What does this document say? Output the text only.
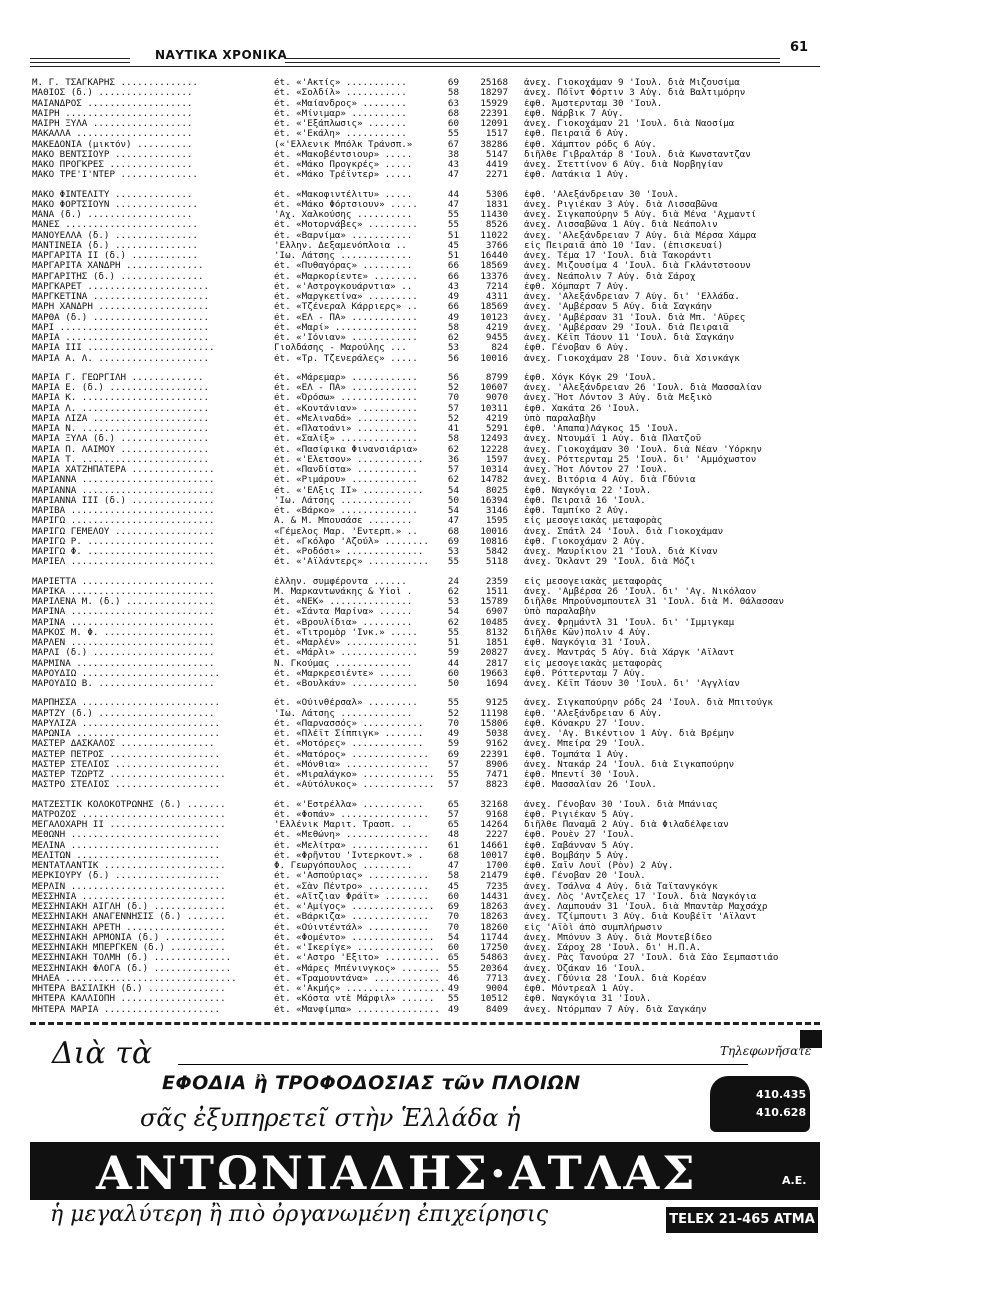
ΝΑΥΤΙΚΑ ΧΡΟΝΙΚΑ	61
Μ. Γ. ΤΣΑΓΚΑΡΗΣ ..............	ét. «'Ακτίς» ...........	69	25168 ἀνεχ. Γιοκοχάμαν 9 'Ιουλ. διὰ Μιζουσίμα
ΜΑΘΙΟΣ (δ.) .................	ét. «Σολδίλ» ...........	58	18297 ἀνεχ. Πόϊντ Φόρτιν 3 Αὐγ. διὰ Βαλτιμόρην
ΜΑΙΑΝΔΡΟΣ ...................	ét. «Μαίανδρος» ........	63	15929 ἐφθ. Ἀμστερνταμ 30 'Ιουλ.
ΜΑΙΡΗ .......................	ét. «Μίνιμαρ» ..........	68	22391 ἐφθ. Νάρβικ 7 Αὐγ.
ΜΑΙΡΗ ΞΥΛΑ ..................	ét. «'Εξάπλωσις» .......	60	12091 ἀνεχ. Γιοκοχάμαν 21 'Ιουλ. διὰ Ναοσίμα
ΜΑΚΑΛΛΑ .....................	ét. «'Εκάλη» ...........	55	1517 ἐφθ. Πειραιᾶ 6 Αὐγ.
ΜΑΚΕΔΟΝΙΑ (μικτόν) ..........	(«'Ελλενικ Μπόλκ Τράνσπ.»	67	38286 ἐφθ. Χάμπτον ρόδς 6 Αὐγ.
ΜΑΚΟ ΒΕΝΤΣΙΟΥΡ ..............	ét. «Μακοβέντσιουρ» .....	38	5147 διῆλθε Γιβραλτάρ 8 'Ιουλ. διὰ Κωνσταντζαν
ΜΑΚΟ ΠΡΟΓΚΡΕΣ ...............	ét. «Μάκο Προγκρές» .....	43	4419 ἀνεχ. Στεττίνον 6 Αὐγ. διὰ Νορβηγίαν
ΜΑΚΟ ΤΡΕ'Ι'ΝΤΕΡ ..............	ét. «Μάκο Τρέϊντερ» .....	47	2271 ἐφθ. Λατάκια 1 Αὐγ.
ΜΑΚΟ ΦΙΝΤΕΛΙΤΥ ..............	ét. «Μακοφιντέλιτυ» .....	44	5306 ἐφθ. 'Αλεξάνδρειαν 30 'Ιουλ.
ΜΑΚΟ ΦΟΡΤΣΙΟΥΝ ...............	ét. «Μάκο Φόρτσιουν» .....	47	1831 ἀνεχ. Ριγιέκαν 3 Αὐγ. διὰ Λισσαβῶνα
ΜΑΝΑ (δ.) ...................	'Αχ. Χαλκούσης ..........	55	11430 ἀνεχ. Σιγκαπούρην 5 Αὐγ. διὰ Μένα 'Αχμαντί
ΜΑΝΕΣ ........................	ét. «Μοτορνάβες» .........	55	8526 ἀνεχ. Λισσαβῶνα 1 Αὐγ. διὰ Νεάπολιν
ΜΑΝΟΥΕΛΛΑ (δ.) ...............	ét. «Βαρνίμα» ...........	51	11022 ἀνεχ. 'Αλεξάνδρειαν 7 Αὐγ. διὰ Μέρσα Χάμρα
ΜΑΝΤΙΝΕΙΑ (δ.) ...............	'Ελλην. Δεξαμενόπλοια ..	45	3766 εἰς Πειραιᾶ ἀπὸ 10 'Ιαν. (ἐπισκευαί)
ΜΑΡΓΑΡΙΤΑ ΙΙ (δ.) ............	'Ιω. Λάτσης .............	51	16440 ἀνεχ. Τέμα 17 'Ιουλ. διὰ Τακοράντι
ΜΑΡΓΑΡΙΤΑ ΧΑΝΔΡΗ ..............	ét. «Πυθαγόρας» .........	66	18569 ἀνεχ. Μιζουσίμα 4 'Ιουλ. διὰ Γκλάντστοουν
ΜΑΡΓΑΡΙΤΗΣ (δ.) ...............	ét. «Μαρκορίεντε» ........	66	13376 ἀνεχ. Νεάπολιν 7 Αὐγ. διὰ Σάροχ
ΜΑΡΓΚΑΡΕΤ ......................	ét. «'Αστρογκουάρντια» ..	43	7214 ἐφθ. Χόμπαρτ 7 Αὐγ.
ΜΑΡΓΚΕΤΙΝΑ .....................	ét. «Μαργκετίνα» .........	49	4311 ἀνεχ. 'Αλεξάνδρειαν 7 Αὐγ. δι' 'Ελλάδα.
ΜΑΡΗ ΧΑΝΔΡΗ ....................	ét. «Τζένεραλ Κάρριερς» ..	66	18569 ἀνεχ. 'Αμβέρσαν 5 Αὐγ. διὰ Σαγκάην
ΜΑΡΘΑ (δ.) .....................	ét. «ΕΛ - ΠΑ» ............	49	10123 ἀνεχ. 'Αμβέρσαν 31 'Ιουλ. διὰ Μπ. 'Αϋρες
ΜΑΡΙ ...........................	ét. «Μαρί» ...............	58	4219 ἀνεχ. 'Αμβέρσαν 29 'Ιουλ. διὰ Πειραιᾶ
ΜΑΡΙΑ ..........................	ét. «'Ιόνιαν» ............	62	9455 ἀνεχ. Κέϊπ Τάουν 11 'Ιουλ. διὰ Σαγκάην
ΜΑΡΙΑ ΙΙΙ .......................	Γιολδάσης - Μαρούλης ...	53	824 ἐφθ. Γένοβαν 6 Αὐγ.
ΜΑΡΙΑ Α. Λ. ....................	ét. «Τρ. Τζενεράλες» .....	56	10016 ἀνεχ. Γιοκοχάμαν 28 'Ιουν. διὰ Χσινκάγκ
ΜΑΡΙΑ Γ. ΓΕΩΡΓΙΛΗ .............	ét. «Μάρεμαρ» ............	56	8799 ἐφθ. Χόγκ Κόγκ 29 'Ιουλ.
ΜΑΡΙΑ Ε. (δ.) ..................	ét. «ΕΛ - ΠΑ» ............	52	10607 ἀνεχ. 'Αλεξάνδρειαν 26 'Ιουλ. διὰ Μασσαλίαν
ΜΑΡΙΑ Κ. .......................	ét. «Όρόσω» ..............	70	9070 ἀνεχ. Ἥοτ Λόντον 3 Αὐγ. διὰ Μεξικὸ
ΜΑΡΙΑ Λ. .......................	ét. «Κοντάνιαν» ..........	57	10311 ἐφθ. Χακάτα 26 'Ιουλ.
ΜΑΡΙΑ ΛΙΖΑ .....................	ét. «Μελιναδά» ...........	52	4219 ὑπὸ παραλαβὴν
ΜΑΡΙΑ Ν. .......................	ét. «Πλατοάνι» ...........	41	5291 ἐφθ. 'Απαπα)Λάγκος 15 'Ιουλ.
ΜΑΡΙΑ ΞΥΛΑ (δ.) ................	ét. «Σαλίξ» ..............	58	12493 ἀνεχ. Ντουμάϊ 1 Αὐγ. διὰ Πλατζοῦ
ΜΑΡΙΑ Π. ΛΑΙΜΟΥ ................	ét. «Πασίφικα Φινανσιάρια»	62	12228 ἀνεχ. Γιοκοχάμαν 30 'Ιουλ. διὰ Νέαν 'Υόρκην
ΜΑΡΙΑ Τ. .......................	ét. «'Ελετσον» ............	36	1597 ἀνεχ. Ρόττερνταμ 25 'Ιουλ. δι' 'Αμμόχωστον
ΜΑΡΙΑ ΧΑΤΖΗΠΑΤΕΡΑ ...............	ét. «Πανδίστα» ...........	57	10314 ἀνεχ. Ἥοτ Λόντον 27 'Ιουλ.
ΜΑΡΙΑΝΝΑ ........................	ét. «Ριμάρου» ............	62	14782 ἀνεχ. Βιτόρια 4 Αὐγ. διὰ Γδύνια
ΜΑΡΙΑΝΝΑ ........................	ét. «'ΕΛξις ΙΙ» ...........	54	8025 ἐφθ. Ναγκόγια 22 'Ιουλ.
ΜΑΡΙΑΝΝΑ ΙΙΙ (δ.) ...............	'Ιω. Λάτσης .............	50	16394 ἐφθ. Πειραιᾶ 16 'Ιουλ.
ΜΑΡΙΒΑ ..........................	ét. «Βάρκο» ..............	54	3146 ἐφθ. Ταμπίκο 2 Αὐγ.
ΜΑΡΙΓΩ ..........................	Α. & Μ. Μπουσάσε ........	47	1595 εἰς μεσογειακὰς μεταφορὰς
ΜΑΡΙΓΩ ΓΕΜΕΛΟΥ ..................	«Γέμελος Μαρ. 'Εντερπ.» ..	68	10016 ἀνεχ. Σπάτλ 24 'Ιουλ. διὰ Γιοκοχάμαν
ΜΑΡΙΓΩ Ρ. .......................	ét. «Γκόλφο 'Αζούλ» ........	69	10816 ἐφθ. Γιοκοχάμαν 2 Αὐγ.
ΜΑΡΙΓΩ Φ. .......................	ét. «Ροδόσι» ..............	53	5842 ἀνεχ. Μαυρίκιον 21 'Ιουλ. διὰ Κίναν
ΜΑΡΙΕΛ ..........................	ét. «'Αϊλάντερς» ...........	55	5118 ἀνεχ. Ὄκλαντ 29 'Ιουλ. διὰ Μόζι
ΜΑΡΙΕΤΤΑ ........................	ἑλλην. συμφέροντα ......	24	2359 εἰς μεσογειακὰς μεταφορὰς
ΜΑΡΙΚΑ ..........................	Μ. Μαρκαντωνάκης & Υἱοὶ .	62	1511 ἀνεχ. 'Αμβέρσα 26 'Ιουλ. δι' 'Αγ. Νικόλαον
ΜΑΡΙΛΕΝΑ Μ. (δ.) ................	ét. «ΝΕΚ» ...............	53	15789 διῆλθε Μπρούνσμπουτελ 31 'Ιουλ. διὰ Μ. Θάλασσαν
ΜΑΡΙΝΑ ..........................	ét. «Σάντα Μαρίνα» ......	54	6907 ὑπὸ παραλαβὴν
ΜΑΡΙΝΑ ..........................	ét. «Βρουλίδια» .........	62	10485 ἀνεχ. Φρημάντλ 31 'Ιουλ. δι' 'Ιμμιγκαμ
ΜΑΡΚΟΣ Μ. Φ. ....................	ét. «Τιτρομὸρ 'Ινκ.» .....	55	8132 διῆλθε Κῶν)πολιν 4 Αὐγ.
ΜΑΡΛΕΝ ..........................	ét. «Μαρλέν» .............	51	1851 ἐφθ. Ναγκόγια 31 'Ιουλ.
ΜΑΡΛΙ (δ.) ......................	ét. «Μάρλι» ..............	59	20827 ἀνεχ. Μαντράς 5 Αὐγ. διὰ Χάργκ 'Αϊλαντ
ΜΑΡΜΙΝΑ .........................	Ν. Γκούμας ..............	44	2817 εἰς μεσογειακὰς μεταφορὰς
ΜΑΡΟΥΔΙΩ .........................	ét. «Μαρκρεσιέντε» ......	60	19663 ἐφθ. Ρόττερνταμ 7 Αὐγ.
ΜΑΡΟΥΔΙΩ Β. .....................	ét. «Βουλκάν» ............	50	1694 ἀνεχ. Κέϊπ Τάουν 30 'Ιουλ. δι' 'Αγγλίαν
ΜΑΡΠΗΣΣΑ .........................	ét. «Ούινθέρσαλ» .........	55	9125 ἀνεχ. Σιγκαπούρην ρόδς 24 'Ιουλ. διὰ Μπιτούγκ
ΜΑΡΤΖΥ (δ.) .....................	'Ιω. Λάτσης .............	52	11198 ἐφθ. 'Αλεξάνδρειαν 6 Αὐγ.
ΜΑΡΥΛΙΖΑ .........................	ét. «Παρνασσός» ...........	70	15806 ἐφθ. Κόνακρυ 27 'Ιουν.
ΜΑΡΩΝΙΑ ..........................	ét. «Πλέϊτ Σίππιγκ» .......	49	5038 ἀνεχ. 'Αγ. Βικέντιον 1 Αὐγ. διὰ Βρέμην
ΜΑΣΤΕΡ ΔΑΣΚΑΛΟΣ .................	ét. «Μοτόρες» .............	59	9162 ἀνεχ. Μπείρα 29 'Ιουλ.
ΜΑΣΤΕΡ ΠΕΤΡΟΣ ....................	ét. «Ματόρος» ..............	69	22391 ἐφθ. Τομπάτα 1 Αὐγ.
ΜΑΣΤΕΡ ΣΤΕΛΙΟΣ ...................	ét. «Μόνθια» ...............	57	8906 ἀνεχ. Ντακάρ 24 'Ιουλ. διὰ Σιγκαπούρην
ΜΑΣΤΕΡ ΤΖΩΡΤΖ .....................	ét. «Μιραλάγκο» .............	55	7471 ἐφθ. Μπεντί 30 'Ιουλ.
ΜΑΣΤΡΟ ΣΤΕΛΙΟΣ ...................	ét. «Αὐτόλυκος» .............	57	8823 ἐφθ. Μασσαλίαν 26 'Ιουλ.
ΜΑΤΖΕΣΤΙΚ ΚΟΛΟΚΟΤΡΩΝΗΣ (δ.) .......	ét. «'Εστρέλλα» ...........	65	32168 ἀνεχ. Γένοβαν 30 'Ιουλ. διὰ Μπάνιας
ΜΑΤΡΟΖΟΣ ..........................	ét. «Φοπάν» ................	57	9168 ἐφθ. Ριγιέκαν 5 Αὐγ.
ΜΕΓΑΛΟΧΑΡΗ ΙΙ .....................	'Ελλένικ Μαριτ. Τρασπ. ..	65	14264 διῆλθε Παναμᾶ 2 Αὐγ. διὰ Φιλαδέλφειαν
ΜΕΘΩΝΗ ...........................	ét. «Μεθώνη» ...............	48	2227 ἐφθ. Ρουὲν 27 'Ιουλ.
ΜΕΛΙΝΑ ...........................	ét. «Μελίτρα» ..............	61	14661 ἐφθ. Σαβάνναν 5 Αὐγ.
ΜΕΛΙΤΩΝ ..........................	ét. «Φρῆντου 'Ιντερκοντ.» .	68	10017 ἐφθ. Βομβάην 5 Αὐγ.
ΜΕΝΤΑΤΛΑΝΤΙΚ ......................	Φ. Γεωργόπουλος .........	47	1700 ἐφθ. Σαῖν Λουΐ (Ρὸν) 2 Αὐγ.
ΜΕΡΚΙΟΥΡΥ (δ.) ...................	ét. «'Ασπούριας» ...........	58	21479 ἐφθ. Γένοβαν 20 'Ιουλ.
ΜΕΡΛΙΝ ............................	ét. «Σὰν Πέντρο» ...........	45	7235 ἀνεχ. Τσάλνα 4 Αὐγ. διὰ Ταϊτανγκόγκ
ΜΕΣΣΗΝΙΑ ..........................	ét. «Αἴτζιαν Φράϊτ» ........	60	14431 ἀνεχ. Λὸς 'Αντζελες 17 'Ιουλ. διὰ Ναγκόγια
ΜΕΣΣΗΝΙΑΚΗ ΑΙΓΛΗ (δ.) .............	ét. «'Αμίγος» ...............	69	18263 ἀνεχ. Λαμπουάν 31 'Ιουλ. διὰ Μπαντὰρ Μαχσάχρ
ΜΕΣΣΗΝΙΑΚΗ ΑΝΑΓΕΝΝΗΣΙΣ (δ.) .......	ét. «Βάρκιζα» ..............	70	18263 ἀνεχ. Τζίμπουτι 3 Αὐγ. διὰ Κουβέϊτ 'Αϊλαντ
ΜΕΣΣΗΝΙΑΚΗ ΑΡΕΤΗ ..................	ét. «Ούιντέντάλ» ...........	70	18260 εἰς 'Αϊὸὶ ἀπὸ συμπλήρωσιν
ΜΕΣΣΗΝΙΑΚΗ ΑΡΜΟΝΙΑ (δ.) ...........	ét. «Φομέντο» ...............	54	11744 ἀνεχ. Μπόνυν 3 Αὐγ. διὰ Μοντεβίδεο
ΜΕΣΣΗΝΙΑΚΗ ΜΠΕΡΓΚΕΝ (δ.) ..........	ét. «'Ικερίγε» ..............	60	17250 ἀνεχ. Σάροχ 28 'Ιουλ. δι' Η.Π.Α.
ΜΕΣΣΗΝΙΑΚΗ ΤΟΛΜΗ (δ.) ..............	ét. «'Αστρο 'Εξιτο» .......... 65	54863 ἀνεχ. Ρὰς Τανούρα 27 'Ιουλ. διὰ Σὰο Σεμπαστιάο
ΜΕΣΣΗΝΙΑΚΗ ΦΛΟΓΑ (δ.) ..............	ét. «Μάρες Μπένινγκος» ....... 55	20364 ἀνεχ. Ὀζάκαν 16 'Ιουλ.
ΜΗΛΕΑ ...............................	ét. «Τραμουντάνα» ............ 46	7713 ἀνεχ. Γδύνια 28 'Ιουλ. διὰ Κορέαν
ΜΗΤΕΡΑ ΒΑΣΙΛΙΚΗ (δ.) ..............	ét. «'Ακμής» .................. 49	9004 ἐφθ. Μόντρεαλ 1 Αὐγ.
ΜΗΤΕΡΑ ΚΑΛΛΙΟΠΗ ...................	ét. «Κόστα ντὲ Μάρφιλ» ......	55	10512 ἐφθ. Ναγκόγια 31 'Ιουλ.
ΜΗΤΕΡΑ ΜΑΡΙΑ .....................	ét. «Μανφίμπα» ............... 49	8409 ἀνεχ. Ντόρμπαν 7 Αὐγ. διὰ Σαγκάην
Διὰ τὰ
ΕΦΟΔΙΑ ἢ ΤΡΟΦΟΔΟΣΙΑΣ τῶν ΠΛΟΙΩΝ
σᾶς ἐξυπηρετεῖ στὴν Ἑλλάδα ἡ
Τηλεφωνῆσατε
410.435
410.628
ΑΝΤΩΝΙΑΔΗΣ·ΑΤΛΑΣ	Α.Ε.
ἡ μεγαλύτερη ἢ πιὸ ὀργανωμένη ἐπιχείρησις	TELEX 21-465 ATMA GR.
